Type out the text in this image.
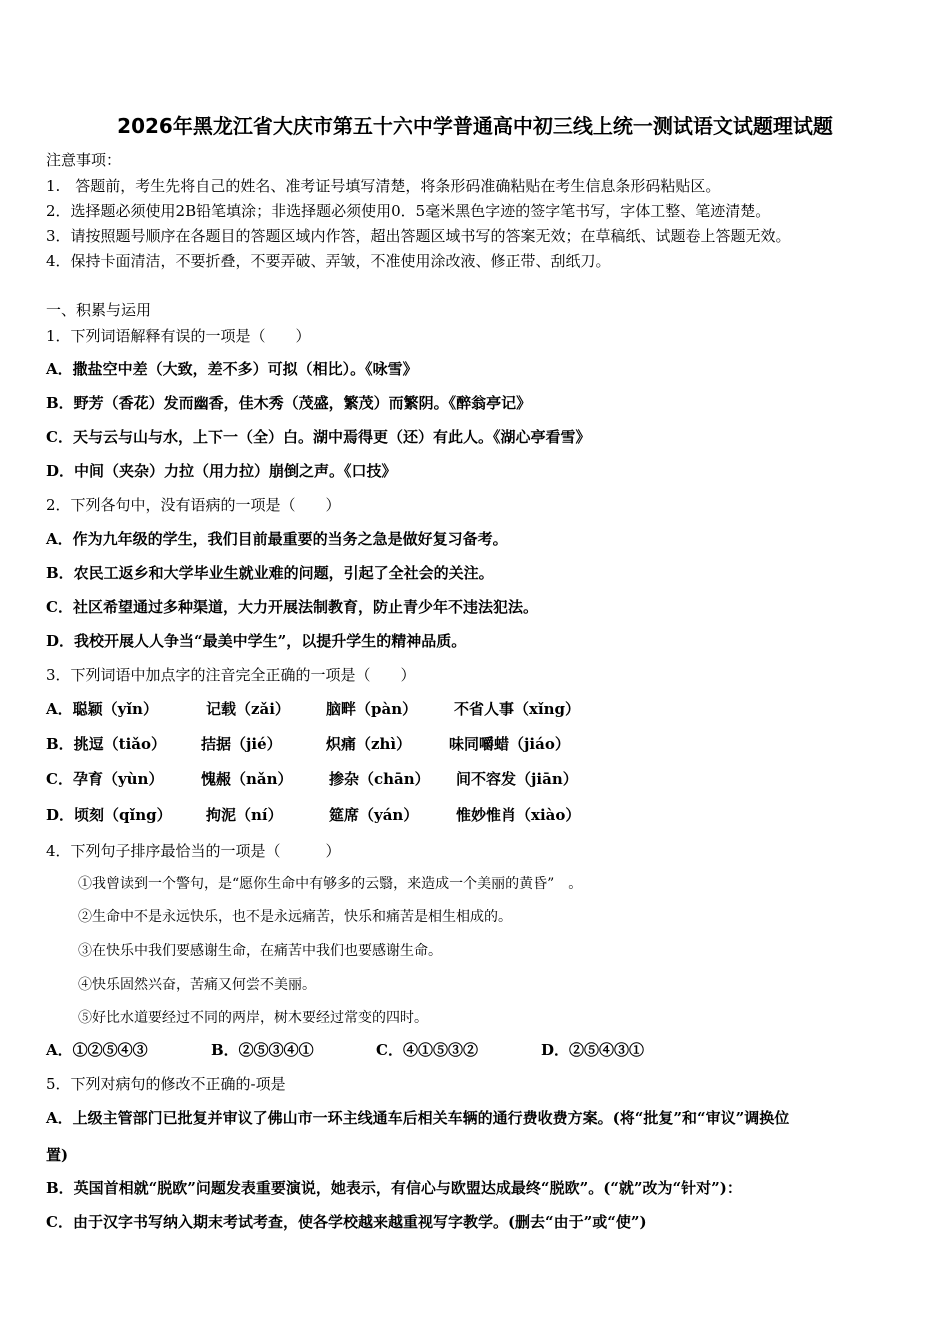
2026年黑龙江省大庆市第五十六中学普通高中初三线上统一测试语文试题理试题
注意事项：
1.　答题前，考生先将自己的姓名、准考证号填写清楚，将条形码准确粘贴在考生信息条形码粘贴区。
2．选择题必须使用2B铅笔填涂；非选择题必须使用0．5毫米黑色字迹的签字笔书写，字体工整、笔迹清楚。
3．请按照题号顺序在各题目的答题区域内作答，超出答题区域书写的答案无效；在草稿纸、试题卷上答题无效。
4．保持卡面清洁，不要折叠，不要弄破、弄皱，不准使用涂改液、修正带、刮纸刀。
一、积累与运用
1．下列词语解释有误的一项是（　　）
A．撒盐空中差（大致，差不多）可拟（相比）。《咏雪》
B．野芳（香花）发而幽香，佳木秀（茂盛，繁茂）而繁阴。《醉翁亭记》
C．天与云与山与水，上下一（全）白。湖中焉得更（还）有此人。《湖心亭看雪》
D．中间（夹杂）力拉（用力拉）崩倒之声。《口技》
2．下列各句中，没有语病的一项是（　　）
A．作为九年级的学生，我们目前最重要的当务之急是做好复习备考。
B．农民工返乡和大学毕业生就业难的问题，引起了全社会的关注。
C．社区希望通过多种渠道，大力开展法制教育，防止青少年不违法犯法。
D．我校开展人人争当“最美中学生”，以提升学生的精神品质。
3．下列词语中加点字的注音完全正确的一项是（　　）
A．聪颖（yǐn）	记载（zǎi） 脑畔（pàn） 不省人事（xǐng）
B．挑逗（tiǎo） 拮据（jié）	炽痛（zhì）	味同嚼蜡（jiáo）
C．孕育（yùn）	愧赧（nǎn） 掺杂（chān） 间不容发（jiān）
D．顷刻（qǐng） 拘泥（ní）	筵席（yán）	惟妙惟肖（xiào）
4．下列句子排序最恰当的一项是（　　　）
①我曾读到一个警句，是“愿你生命中有够多的云翳，来造成一个美丽的黄昏”　。
②生命中不是永远快乐，也不是永远痛苦，快乐和痛苦是相生相成的。
③在快乐中我们要感谢生命，在痛苦中我们也要感谢生命。
④快乐固然兴奋，苦痛又何尝不美丽。
⑤好比水道要经过不同的两岸，树木要经过常变的四时。
A．①②⑤④③	B．②⑤③④①	C．④①⑤③②	D．②⑤④③①
5．下列对病句的修改不正确的-项是
A．上级主管部门已批复并审议了佛山市一环主线通车后相关车辆的通行费收费方案。(将“批复”和“审议”调换位
置)
B．英国首相就“脱欧”问题发表重要演说，她表示，有信心与欧盟达成最终“脱欧”。(“就”改为“针对”)：
C．由于汉字书写纳入期末考试考查，使各学校越来越重视写字教学。(删去“由于”或“使”)
